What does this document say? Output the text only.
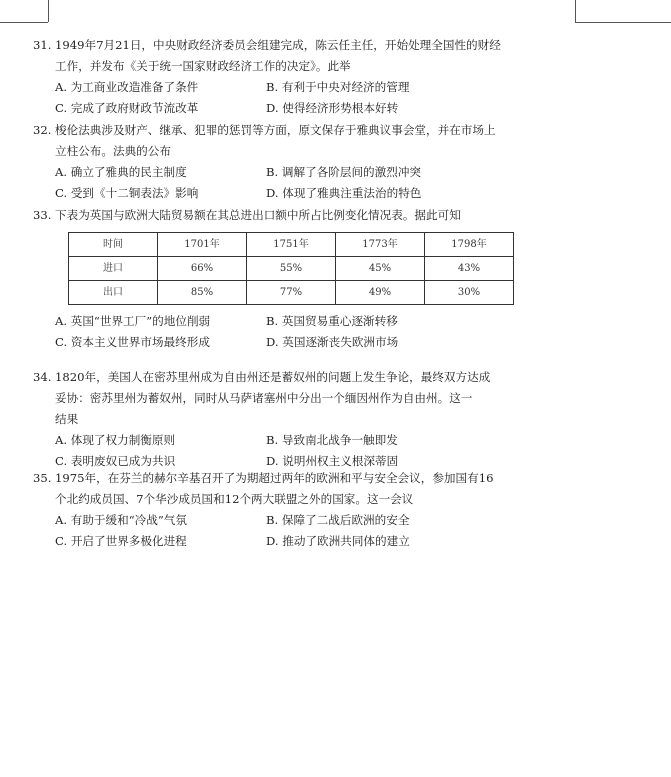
31. 1949年7月21日，中央财政经济委员会组建完成，陈云任主任，开始处理全国性的财经

工作，并发布《关于统一国家财政经济工作的决定》。此举

A. 为工商业改造准备了条件	B. 有利于中央对经济的管理
C. 完成了政府财政节流改革	D. 使得经济形势根本好转

32. 梭伦法典涉及财产、继承、犯罪的惩罚等方面，原文保存于雅典议事会堂，并在市场上

立柱公布。法典的公布

A. 确立了雅典的民主制度	B. 调解了各阶层间的激烈冲突
C. 受到《十二铜表法》影响	D. 体现了雅典注重法治的特色

33. 下表为英国与欧洲大陆贸易额在其总进出口额中所占比例变化情况表。据此可知

时间	1701年	1751年	1773年	1798年
进口	66%	55%	45%	43%
出口	85%	77%	49%	30%
A. 英国“世界工厂”的地位削弱	B. 英国贸易重心逐渐转移
C. 资本主义世界市场最终形成	D. 英国逐渐丧失欧洲市场

34. 1820年，美国人在密苏里州成为自由州还是蓄奴州的问题上发生争论，最终双方达成

妥协：密苏里州为蓄奴州，同时从马萨诸塞州中分出一个缅因州作为自由州。这一

结果

A. 体现了权力制衡原则	B. 导致南北战争一触即发
C. 表明废奴已成为共识	D. 说明州权主义根深蒂固

35. 1975年，在芬兰的赫尔辛基召开了为期超过两年的欧洲和平与安全会议，参加国有16

个北约成员国、7个华沙成员国和12个两大联盟之外的国家。这一会议

A. 有助于缓和“冷战”气氛	B. 保障了二战后欧洲的安全
C. 开启了世界多极化进程	D. 推动了欧洲共同体的建立
